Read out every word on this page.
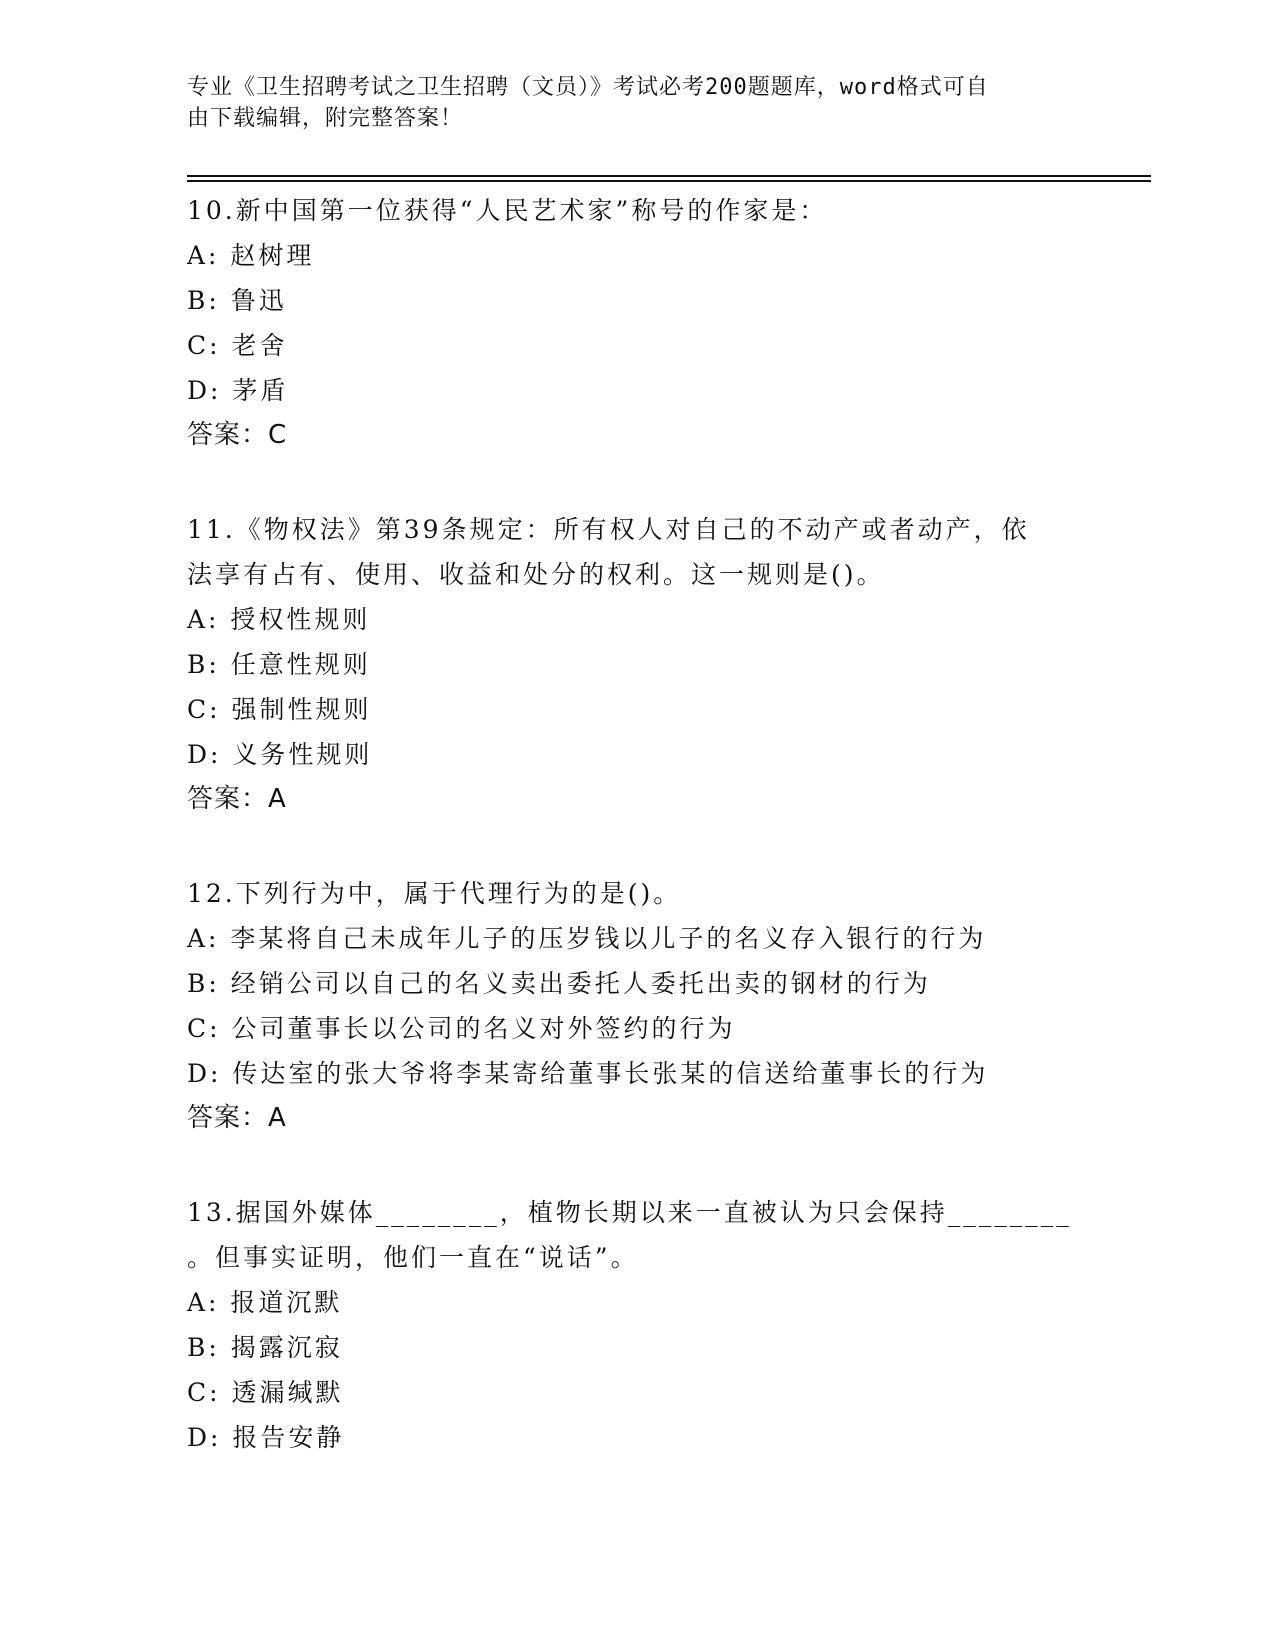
专业《卫生招聘考试之卫生招聘（文员）》考试必考200题题库，word格式可自
由下载编辑，附完整答案！
10.新中国第一位获得“人民艺术家”称号的作家是：
A: 赵树理
B: 鲁迅
C: 老舍
D: 茅盾
答案：C
11.《物权法》第39条规定：所有权人对自己的不动产或者动产，依
法享有占有、使用、收益和处分的权利。这一规则是()。
A: 授权性规则
B: 任意性规则
C: 强制性规则
D: 义务性规则
答案：A
12.下列行为中，属于代理行为的是()。
A: 李某将自己未成年儿子的压岁钱以儿子的名义存入银行的行为
B: 经销公司以自己的名义卖出委托人委托出卖的钢材的行为
C: 公司董事长以公司的名义对外签约的行为
D: 传达室的张大爷将李某寄给董事长张某的信送给董事长的行为
答案：A
13.据国外媒体________，植物长期以来一直被认为只会保持________
。但事实证明，他们一直在“说话”。
A: 报道沉默
B: 揭露沉寂
C: 透漏缄默
D: 报告安静
